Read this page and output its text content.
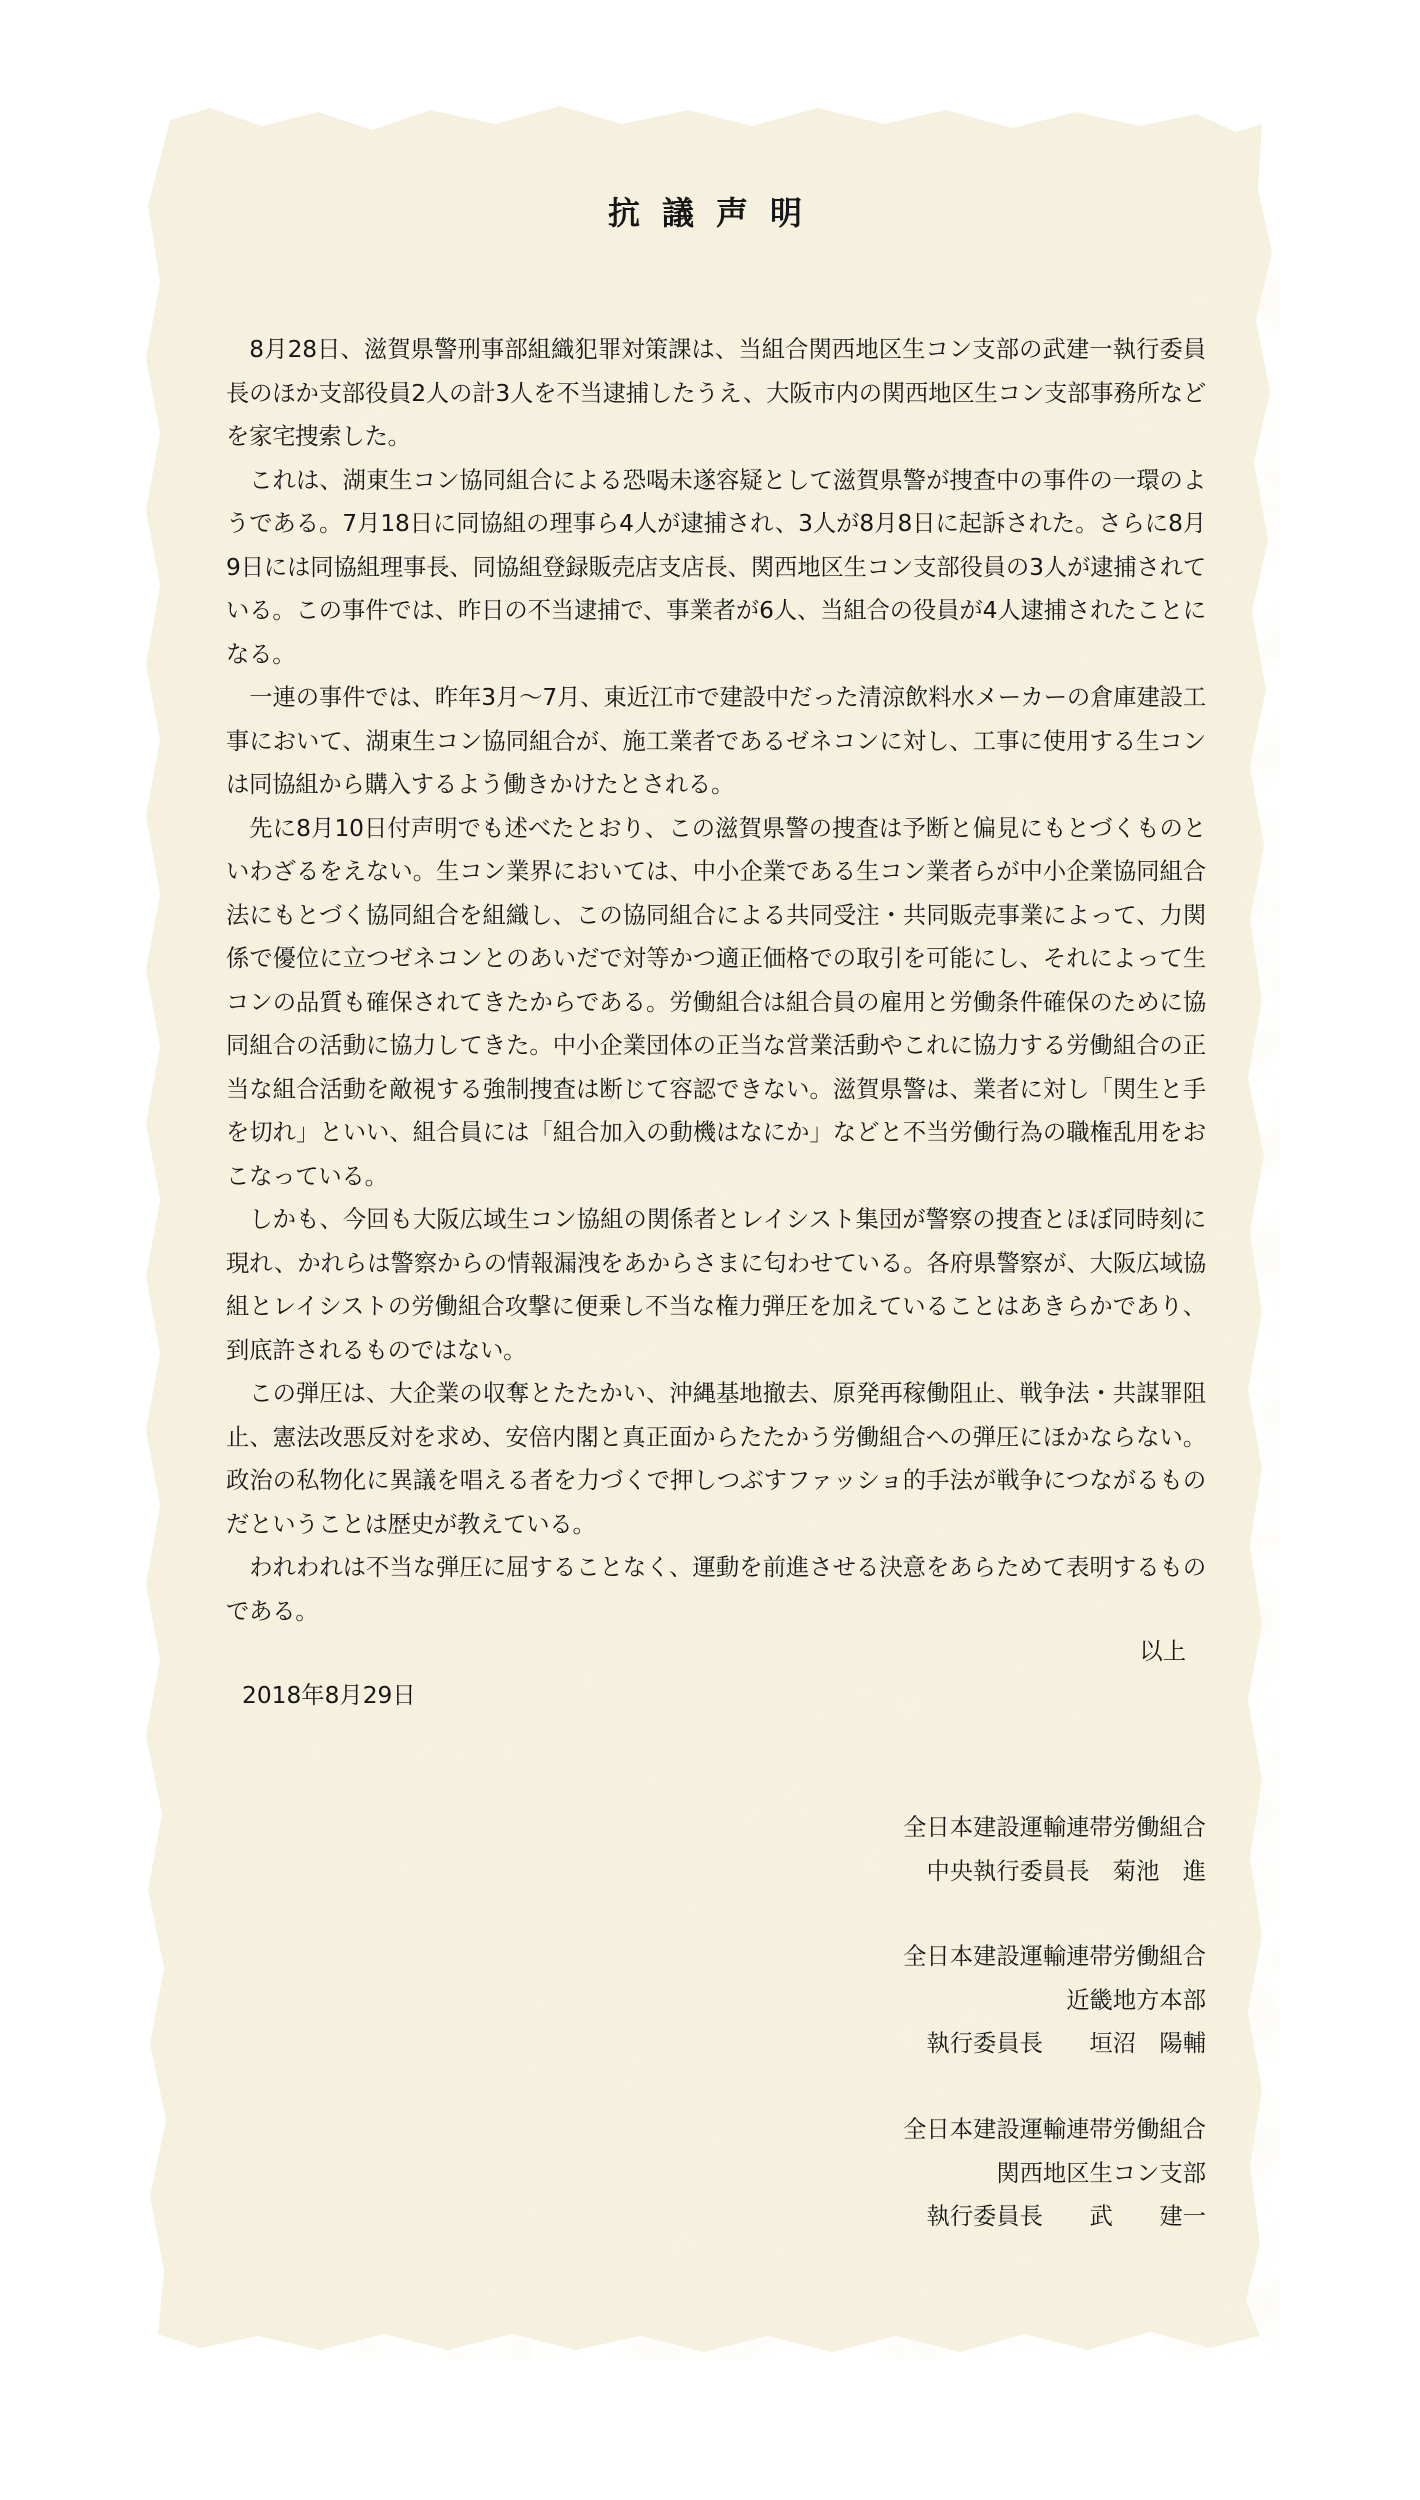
抗議声明

8月28日、滋賀県警刑事部組織犯罪対策課は、当組合関西地区生コン支部の武建一執行委員長のほか支部役員2人の計3人を不当逮捕したうえ、大阪市内の関西地区生コン支部事務所などを家宅捜索した。

これは、湖東生コン協同組合による恐喝未遂容疑として滋賀県警が捜査中の事件の一環のようである。7月18日に同協組の理事ら4人が逮捕され、3人が8月8日に起訴された。さらに8月9日には同協組理事長、同協組登録販売店支店長、関西地区生コン支部役員の3人が逮捕されている。この事件では、昨日の不当逮捕で、事業者が6人、当組合の役員が4人逮捕されたことになる。

一連の事件では、昨年3月～7月、東近江市で建設中だった清涼飲料水メーカーの倉庫建設工事において、湖東生コン協同組合が、施工業者であるゼネコンに対し、工事に使用する生コンは同協組から購入するよう働きかけたとされる。

先に8月10日付声明でも述べたとおり、この滋賀県警の捜査は予断と偏見にもとづくものといわざるをえない。生コン業界においては、中小企業である生コン業者らが中小企業協同組合法にもとづく協同組合を組織し、この協同組合による共同受注・共同販売事業によって、力関係で優位に立つゼネコンとのあいだで対等かつ適正価格での取引を可能にし、それによって生コンの品質も確保されてきたからである。労働組合は組合員の雇用と労働条件確保のために協同組合の活動に協力してきた。中小企業団体の正当な営業活動やこれに協力する労働組合の正当な組合活動を敵視する強制捜査は断じて容認できない。滋賀県警は、業者に対し「関生と手を切れ」といい、組合員には「組合加入の動機はなにか」などと不当労働行為の職権乱用をおこなっている。

しかも、今回も大阪広域生コン協組の関係者とレイシスト集団が警察の捜査とほぼ同時刻に現れ、かれらは警察からの情報漏洩をあからさまに匂わせている。各府県警察が、大阪広域協組とレイシストの労働組合攻撃に便乗し不当な権力弾圧を加えていることはあきらかであり、到底許されるものではない。

この弾圧は、大企業の収奪とたたかい、沖縄基地撤去、原発再稼働阻止、戦争法・共謀罪阻止、憲法改悪反対を求め、安倍内閣と真正面からたたかう労働組合への弾圧にほかならない。政治の私物化に異議を唱える者を力づくで押しつぶすファッショ的手法が戦争につながるものだということは歴史が教えている。

われわれは不当な弾圧に屈することなく、運動を前進させる決意をあらためて表明するものである。

以上

2018年8月29日

全日本建設運輸連帯労働組合

中央執行委員長　菊池　進

全日本建設運輸連帯労働組合

近畿地方本部

執行委員長　　垣沼　陽輔

全日本建設運輸連帯労働組合

関西地区生コン支部

執行委員長　　武　　建一
